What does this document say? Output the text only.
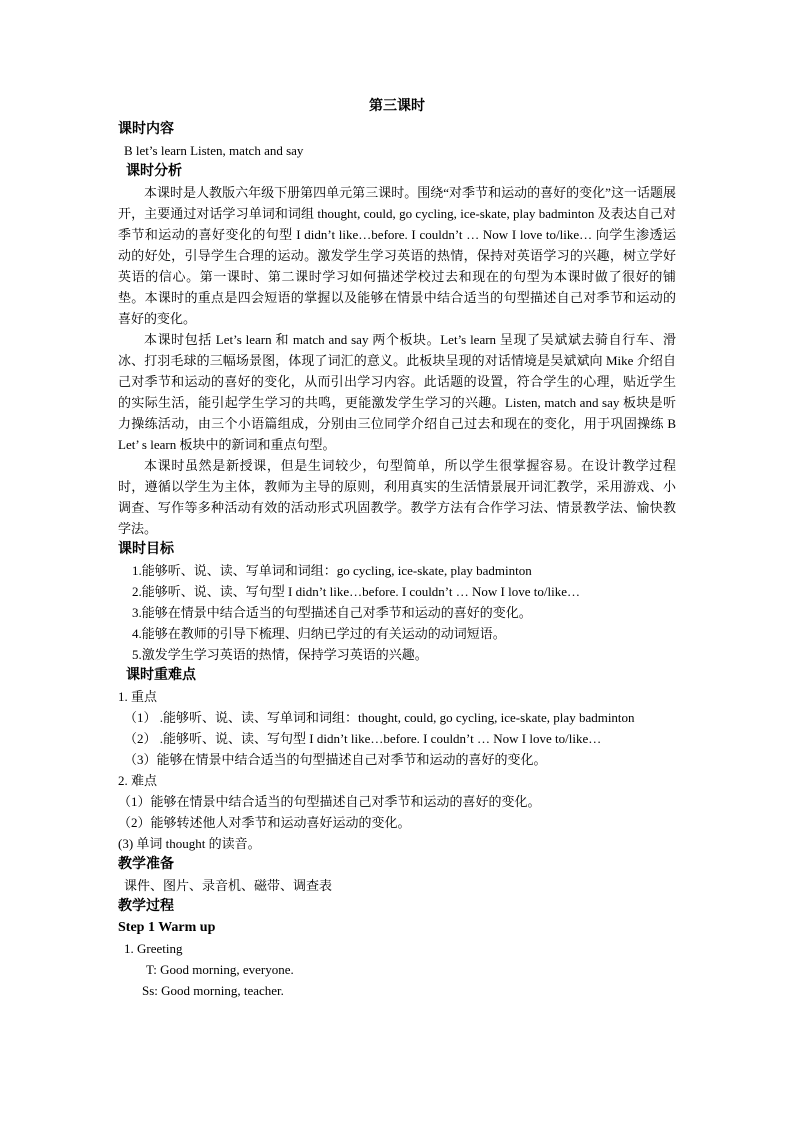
第三课时
课时内容
B let’s learn Listen, match and say
课时分析
本课时是人教版六年级下册第四单元第三课时。围绕“对季节和运动的喜好的变化”这一话题展开，主要通过对话学习单词和词组 thought, could, go cycling, ice-skate, play badminton 及表达自己对季节和运动的喜好变化的句型 I didn’t like…before. I couldn’t … Now I love to/like… 向学生渗透运动的好处，引导学生合理的运动。激发学生学习英语的热情，保持对英语学习的兴趣，树立学好英语的信心。第一课时、第二课时学习如何描述学校过去和现在的句型为本课时做了很好的铺垫。本课时的重点是四会短语的掌握以及能够在情景中结合适当的句型描述自己对季节和运动的喜好的变化。
本课时包括 Let’s learn 和 match and say 两个板块。Let’s learn 呈现了吴斌斌去骑自行车、滑冰、打羽毛球的三幅场景图，体现了词汇的意义。此板块呈现的对话情境是吴斌斌向 Mike 介绍自己对季节和运动的喜好的变化，从而引出学习内容。此话题的设置，符合学生的心理，贴近学生的实际生活，能引起学生学习的共鸣，更能激发学生学习的兴趣。Listen, match and say 板块是听力操练活动，由三个小语篇组成，分别由三位同学介绍自己过去和现在的变化，用于巩固操练 B Let’ s learn 板块中的新词和重点句型。
本课时虽然是新授课，但是生词较少，句型简单，所以学生很掌握容易。在设计教学过程时，遵循以学生为主体，教师为主导的原则，利用真实的生活情景展开词汇教学，采用游戏、小调查、写作等多种活动有效的活动形式巩固教学。教学方法有合作学习法、情景教学法、愉快教学法。
课时目标
1.能够听、说、读、写单词和词组：go cycling, ice-skate, play badminton
2.能够听、说、读、写句型 I didn’t like…before. I couldn’t … Now I love to/like…
3.能够在情景中结合适当的句型描述自己对季节和运动的喜好的变化。
4.能够在教师的引导下梳理、归纳已学过的有关运动的动词短语。
5.激发学生学习英语的热情，保持学习英语的兴趣。
课时重难点
1. 重点
（1） .能够听、说、读、写单词和词组：thought, could, go cycling, ice-skate, play badminton
（2） .能够听、说、读、写句型 I didn’t like…before. I couldn’t … Now I love to/like…
（3）能够在情景中结合适当的句型描述自己对季节和运动的喜好的变化。
2. 难点
（1）能够在情景中结合适当的句型描述自己对季节和运动的喜好的变化。
（2）能够转述他人对季节和运动喜好运动的变化。
(3) 单词 thought 的读音。
教学准备
课件、图片、录音机、磁带、调查表
教学过程
Step 1 Warm up
1. Greeting
T: Good morning, everyone.
Ss: Good morning, teacher.
